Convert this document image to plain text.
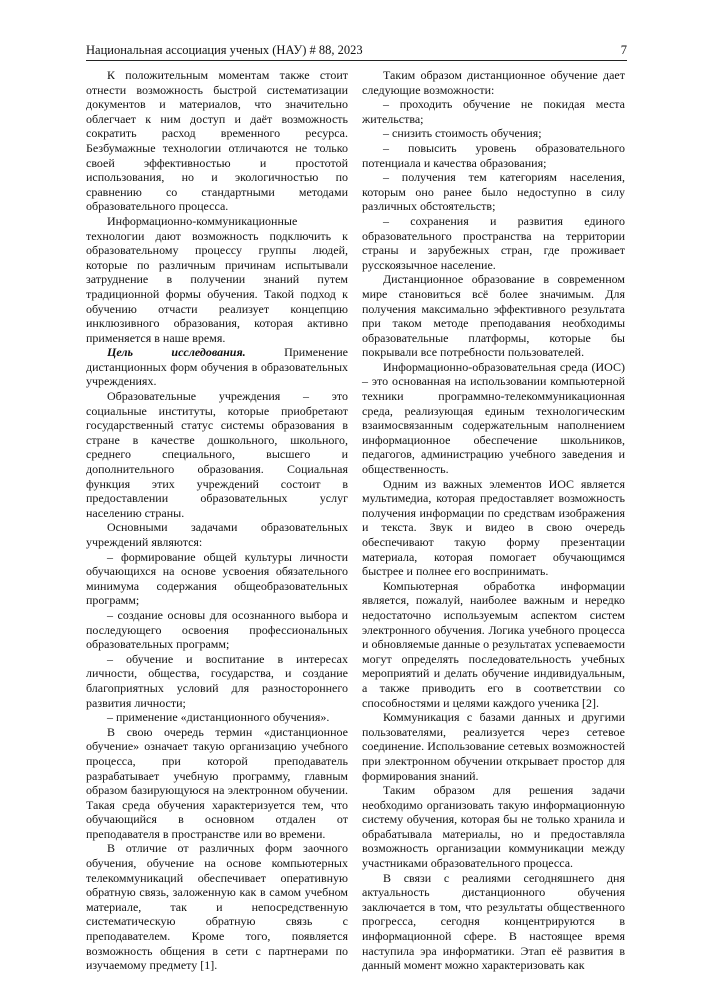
Национальная ассоциация ученых (НАУ) # 88, 2023	7

К положительным моментам также стоит отнести возможность быстрой систематизации документов и материалов, что значительно облегчает к ним доступ и даёт возможность сократить расход временного ресурса. Безбумажные технологии отличаются не только своей эффективностью и простотой использования, но и экологичностью по сравнению со стандартными методами образовательного процесса.

Информационно-коммуникационные технологии дают возможность подключить к образовательному процессу группы людей, которые по различным причинам испытывали затруднение в получении знаний путем традиционной формы обучения. Такой подход к обучению отчасти реализует концепцию инклюзивного образования, которая активно применяется в наше время.

Цель исследования. Применение дистанционных форм обучения в образовательных учреждениях.

Образовательные учреждения – это социальные институты, которые приобретают государственный статус системы образования в стране в качестве дошкольного, школьного, среднего специального, высшего и дополнительного образования. Социальная функция этих учреждений состоит в предоставлении образовательных услуг населению страны.

Основными задачами образовательных учреждений являются:

– формирование общей культуры личности обучающихся на основе усвоения обязательного минимума содержания общеобразовательных программ;

– создание основы для осознанного выбора и последующего освоения профессиональных образовательных программ;

– обучение и воспитание в интересах личности, общества, государства, и создание благоприятных условий для разностороннего развития личности;

– применение «дистанционного обучения».

В свою очередь термин «дистанционное обучение» означает такую организацию учебного процесса, при которой преподаватель разрабатывает учебную программу, главным образом базирующуюся на электронном обучении. Такая среда обучения характеризуется тем, что обучающийся в основном отдален от преподавателя в пространстве или во времени.

В отличие от различных форм заочного обучения, обучение на основе компьютерных телекоммуникаций обеспечивает оперативную обратную связь, заложенную как в самом учебном материале, так и непосредственную систематическую обратную связь с преподавателем. Кроме того, появляется возможность общения в сети с партнерами по изучаемому предмету [1].

Таким образом дистанционное обучение дает следующие возможности:

– проходить обучение не покидая места жительства;

– снизить стоимость обучения;

– повысить уровень образовательного потенциала и качества образования;

– получения тем категориям населения, которым оно ранее было недоступно в силу различных обстоятельств;

– сохранения и развития единого образовательного пространства на территории страны и зарубежных стран, где проживает русскоязычное население.

Дистанционное образование в современном мире становиться всё более значимым. Для получения максимально эффективного результата при таком методе преподавания необходимы образовательные платформы, которые бы покрывали все потребности пользователей.

Информационно-образовательная среда (ИОС) – это основанная на использовании компьютерной техники программно-телекоммуникационная среда, реализующая единым технологическим взаимосвязанным содержательным наполнением информационное обеспечение школьников, педагогов, администрацию учебного заведения и общественность.

Одним из важных элементов ИОС является мультимедиа, которая предоставляет возможность получения информации по средствам изображения и текста. Звук и видео в свою очередь обеспечивают такую форму презентации материала, которая помогает обучающимся быстрее и полнее его воспринимать.

Компьютерная обработка информации является, пожалуй, наиболее важным и нередко недостаточно используемым аспектом систем электронного обучения. Логика учебного процесса и обновляемые данные о результатах успеваемости могут определять последовательность учебных мероприятий и делать обучение индивидуальным, а также приводить его в соответствии со способностями и целями каждого ученика [2].

Коммуникация с базами данных и другими пользователями, реализуется через сетевое соединение. Использование сетевых возможностей при электронном обучении открывает простор для формирования знаний.

Таким образом для решения задачи необходимо организовать такую информационную систему обучения, которая бы не только хранила и обрабатывала материалы, но и предоставляла возможность организации коммуникации между участниками образовательного процесса.

В связи с реалиями сегодняшнего дня актуальность дистанционного обучения заключается в том, что результаты общественного прогресса, сегодня концентрируются в информационной сфере. В настоящее время наступила эра информатики. Этап её развития в данный момент можно характеризовать как
